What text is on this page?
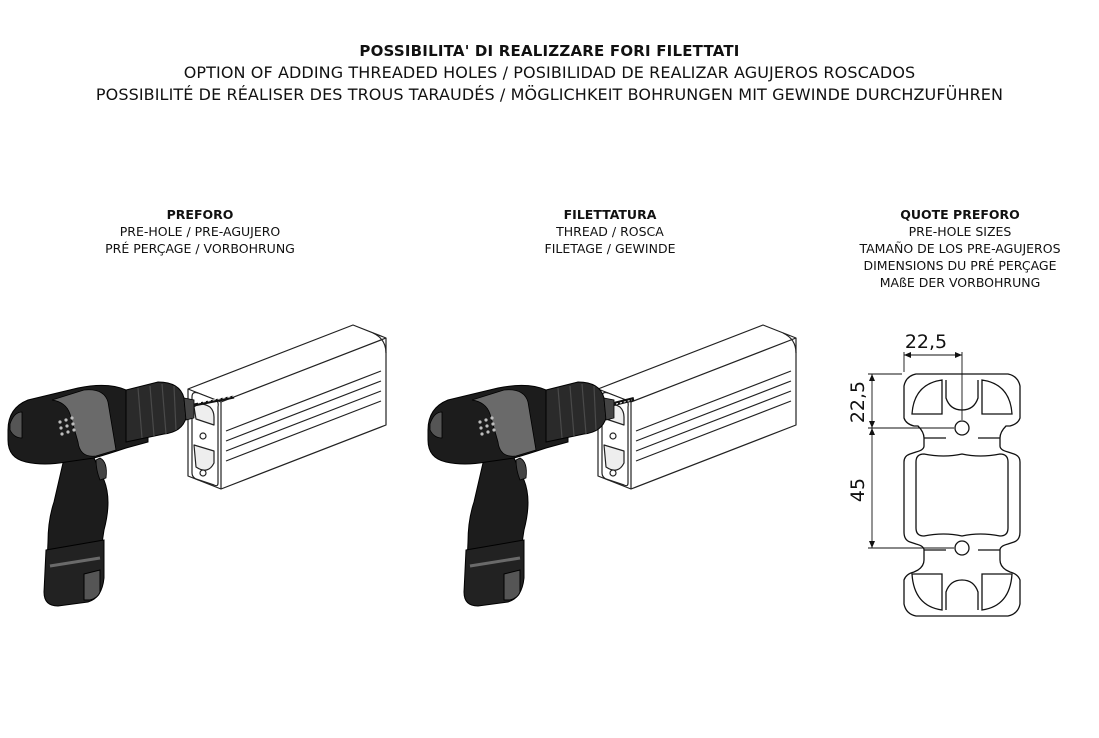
POSSIBILITA' DI REALIZZARE FORI FILETTATI
OPTION OF ADDING THREADED HOLES / POSIBILIDAD DE REALIZAR AGUJEROS ROSCADOS
POSSIBILITÉ DE RÉALISER DES TROUS TARAUDÉS / MÖGLICHKEIT BOHRUNGEN MIT GEWINDE DURCHZUFÜHREN
PREFORO
PRE-HOLE / PRE-AGUJERO
PRÉ PERÇAGE / VORBOHRUNG
FILETTATURA
THREAD / ROSCA
FILETAGE / GEWINDE
QUOTE PREFORO
PRE-HOLE SIZES
TAMAÑO DE LOS PRE-AGUJEROS
DIMENSIONS DU PRÉ PERÇAGE
MAßE DER VORBOHRUNG
22,5
22,5
45
